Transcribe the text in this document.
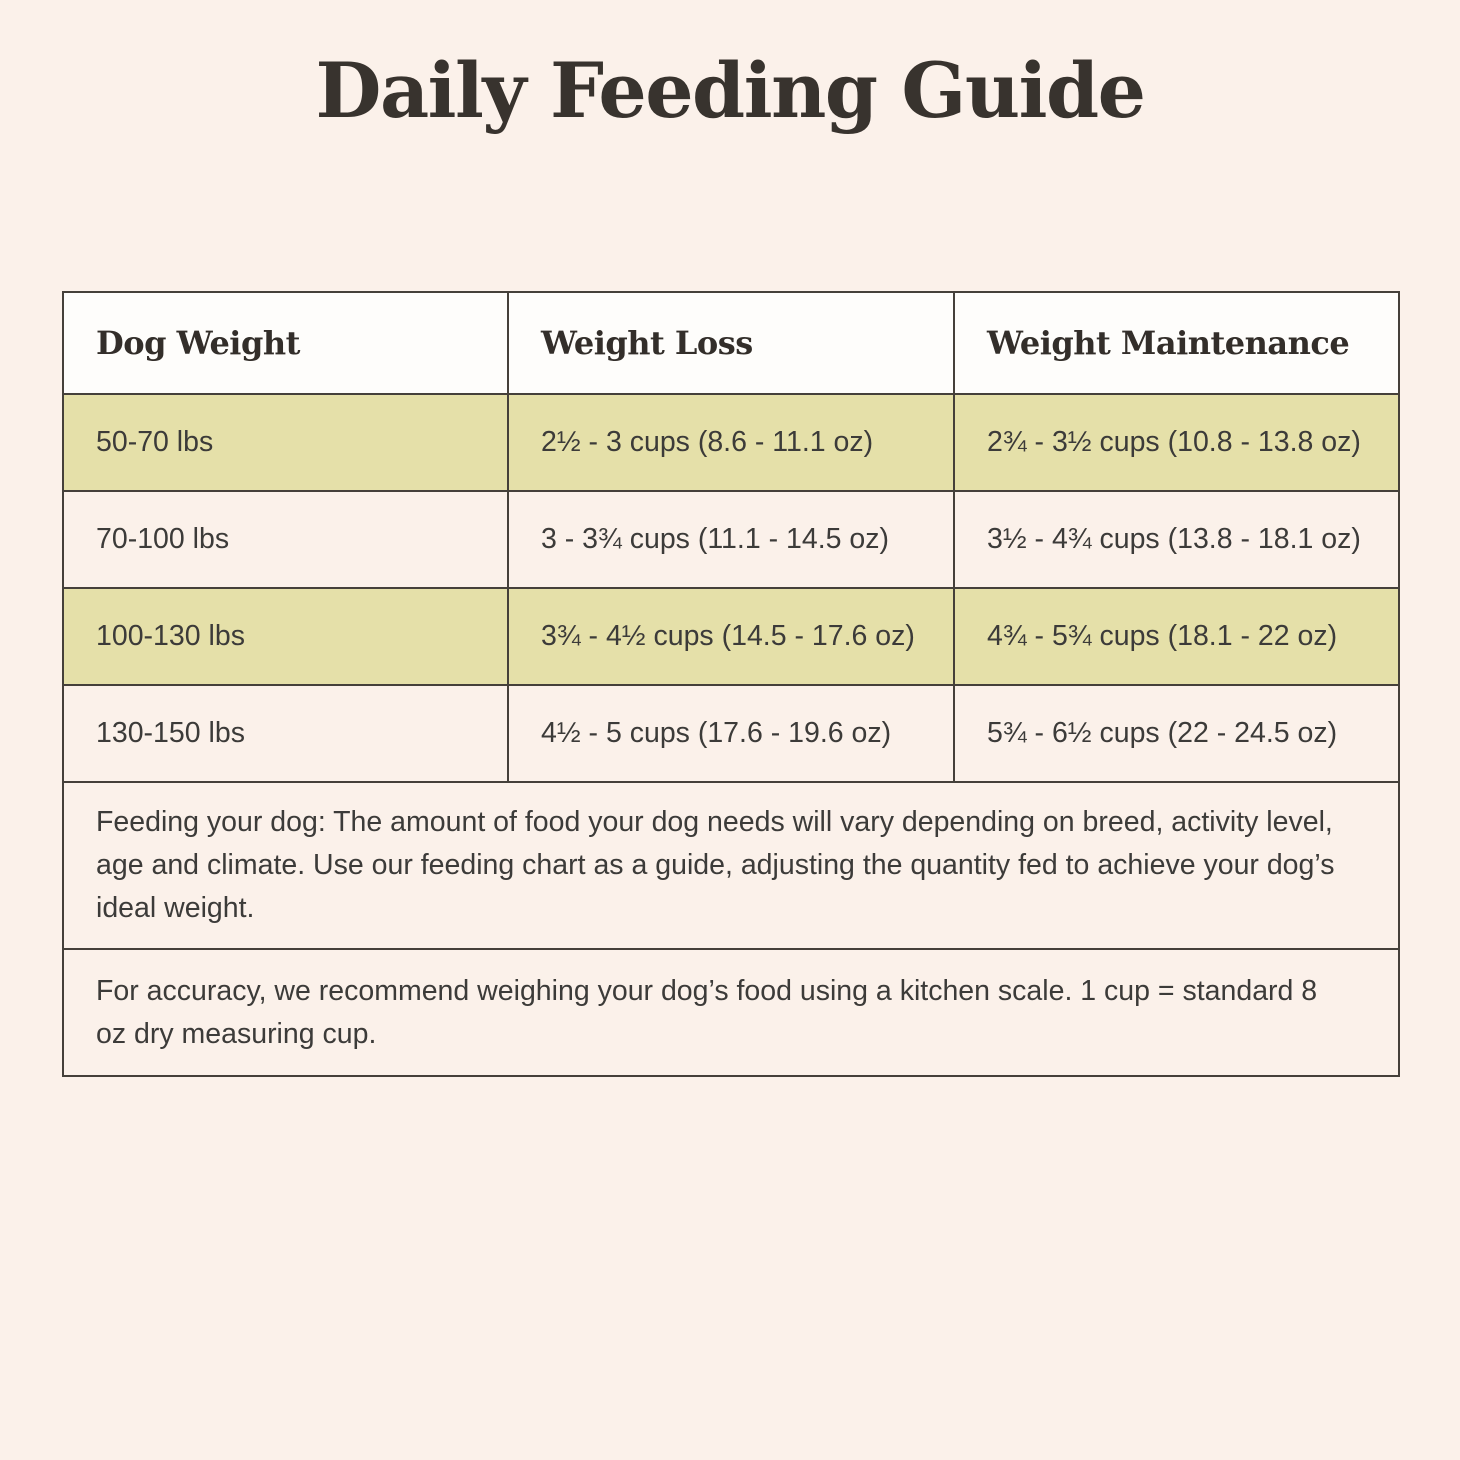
Daily Feeding Guide
Dog Weight	Weight Loss	Weight Maintenance
50-70 lbs	2½ - 3 cups (8.6 - 11.1 oz)	2¾ - 3½ cups (10.8 - 13.8 oz)
70-100 lbs	3 - 3¾ cups (11.1 - 14.5 oz)	3½ - 4¾ cups (13.8 - 18.1 oz)
100-130 lbs	3¾ - 4½ cups (14.5 - 17.6 oz)	4¾ - 5¾ cups (18.1 - 22 oz)
130-150 lbs	4½ - 5 cups (17.6 - 19.6 oz)	5¾ - 6½ cups (22 - 24.5 oz)
Feeding your dog: The amount of food your dog needs will vary depending on breed, activity level, age and climate. Use our feeding chart as a guide, adjusting the quantity fed to achieve your dog’s ideal weight.		
For accuracy, we recommend weighing your dog’s food using a kitchen scale. 1 cup = standard 8 oz dry measuring cup.		
